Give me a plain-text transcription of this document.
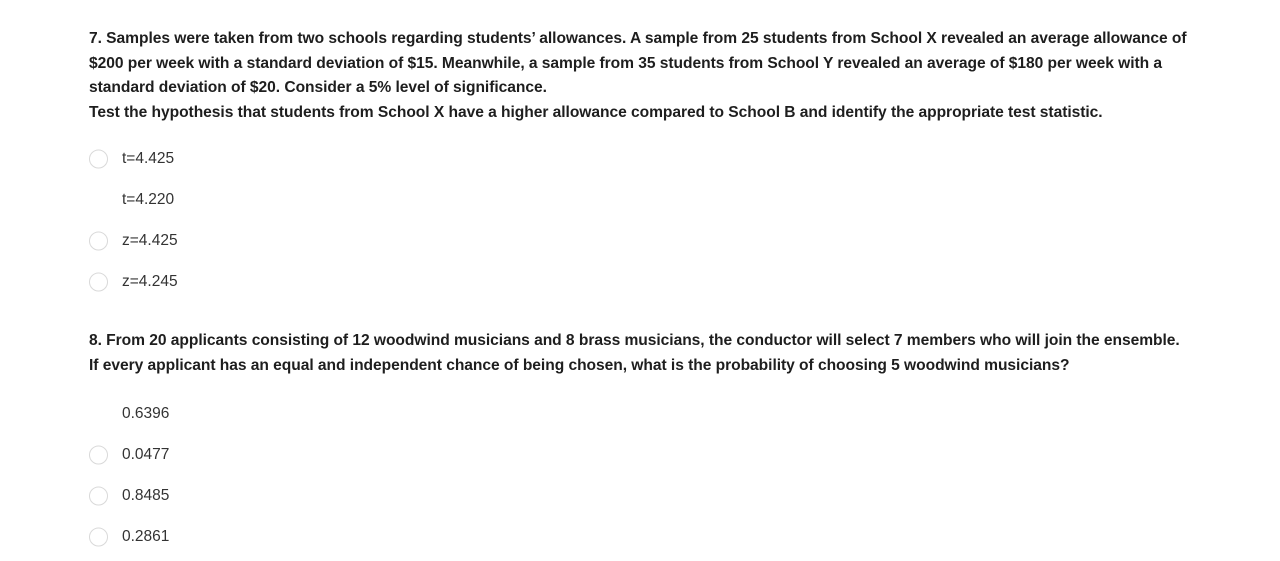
7. Samples were taken from two schools regarding students’ allowances. A sample from 25 students from School X revealed an average allowance of

$200 per week with a standard deviation of $15. Meanwhile, a sample from 35 students from School Y revealed an average of $180 per week with a

standard deviation of $20. Consider a 5% level of significance.

Test the hypothesis that students from School X have a higher allowance compared to School B and identify the appropriate test statistic.

t=4.425
t=4.220
z=4.425
z=4.245

8. From 20 applicants consisting of 12 woodwind musicians and 8 brass musicians, the conductor will select 7 members who will join the ensemble.

If every applicant has an equal and independent chance of being chosen, what is the probability of choosing 5 woodwind musicians?

0.6396
0.0477
0.8485
0.2861
